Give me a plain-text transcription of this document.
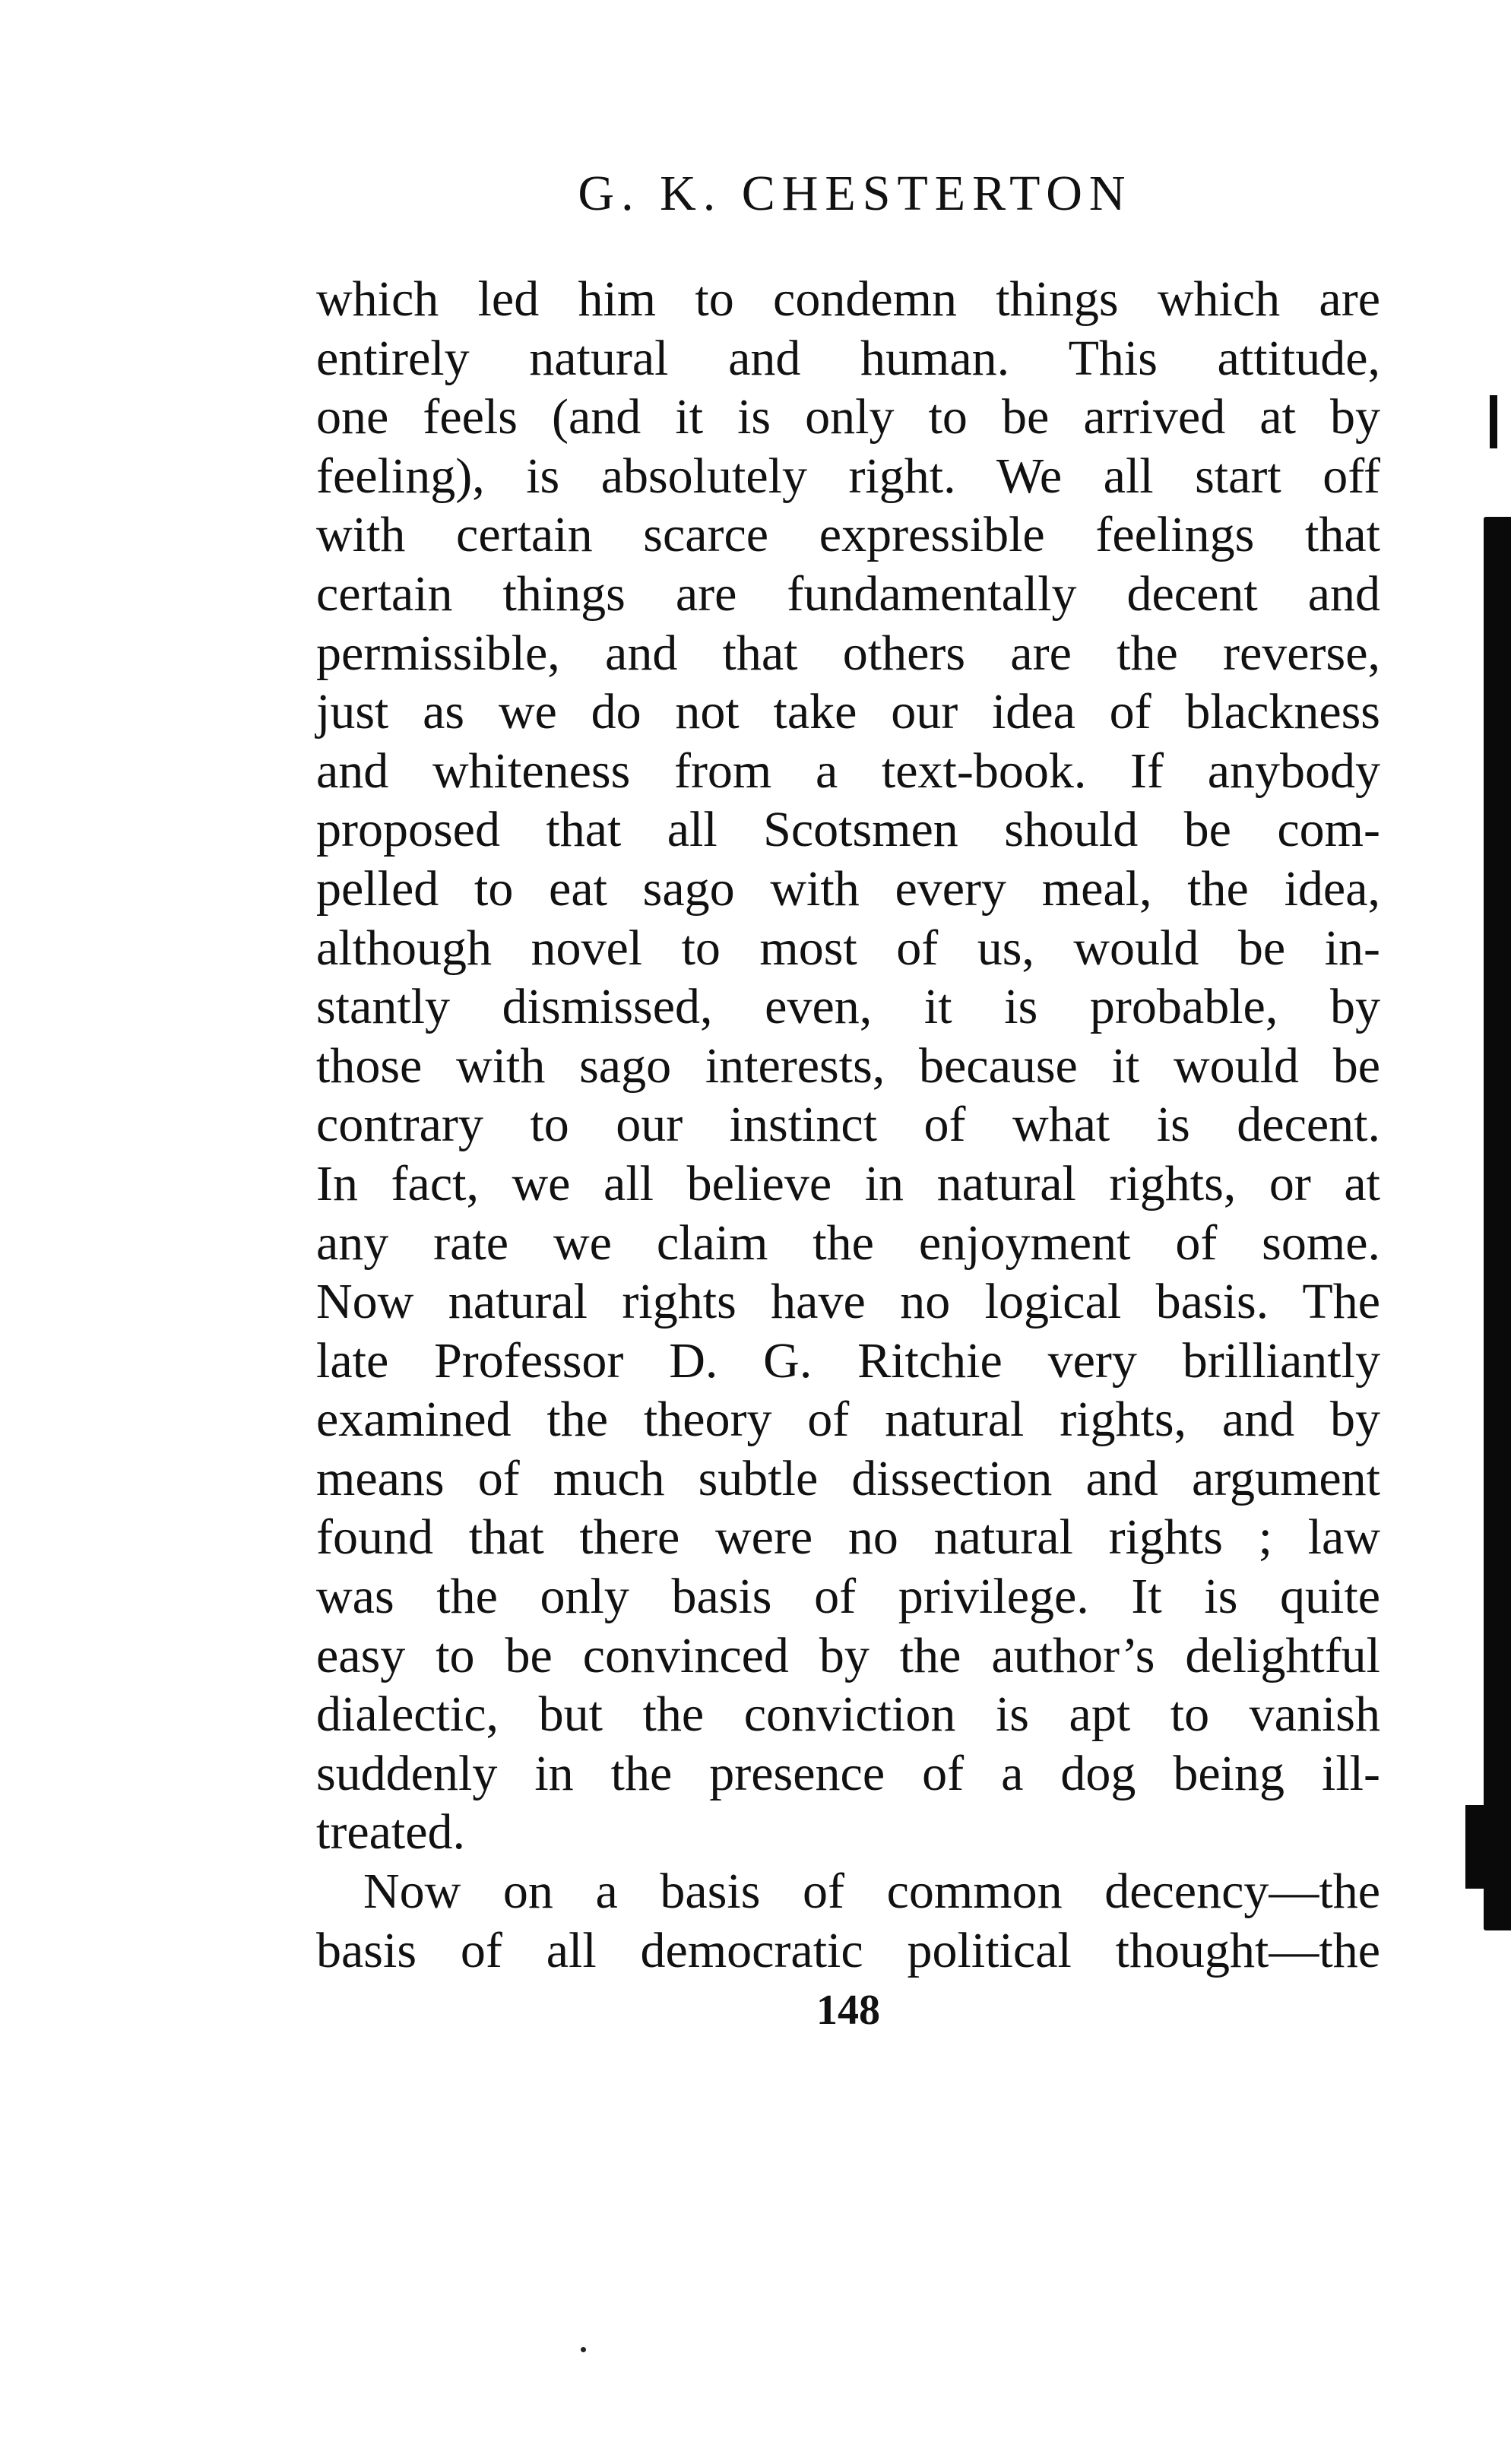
G. K. CHESTERTON

which led him to condemn things which are

entirely natural and human. This attitude,

one feels (and it is only to be arrived at by

feeling), is absolutely right. We all start off

with certain scarce expressible feelings that

certain things are fundamentally decent and

permissible, and that others are the reverse,

just as we do not take our idea of blackness

and whiteness from a text-book. If anybody

proposed that all Scotsmen should be com-

pelled to eat sago with every meal, the idea,

although novel to most of us, would be in-

stantly dismissed, even, it is probable, by

those with sago interests, because it would be

contrary to our instinct of what is decent.

In fact, we all believe in natural rights, or at

any rate we claim the enjoyment of some.

Now natural rights have no logical basis. The

late Professor D. G. Ritchie very brilliantly

examined the theory of natural rights, and by

means of much subtle dissection and argument

found that there were no natural rights ; law

was the only basis of privilege. It is quite

easy to be convinced by the author’s delightful

dialectic, but the conviction is apt to vanish

suddenly in the presence of a dog being ill-

treated.

Now on a basis of common decency—the

basis of all democratic political thought—the

148
